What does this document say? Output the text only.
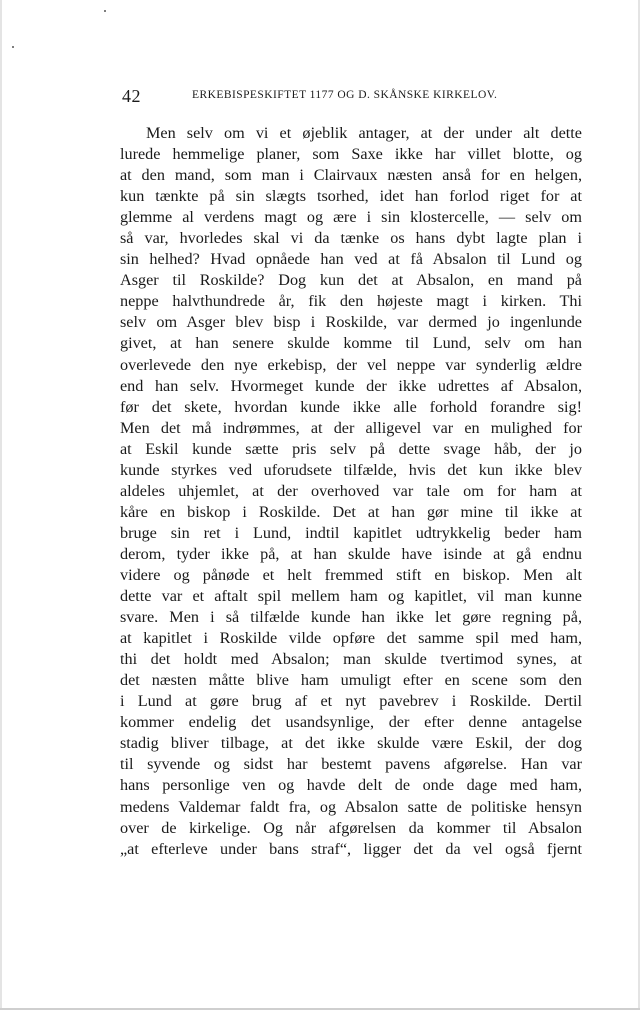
42	ERKEBISPESKIFTET 1177 OG D. SKÅNSKE KIRKELOV.
Men selv om vi et øjeblik antager, at der under alt dette
lurede hemmelige planer, som Saxe ikke har villet blotte, og
at den mand, som man i Clairvaux næsten anså for en helgen,
kun tænkte på sin slægts tsorhed, idet han forlod riget for at
glemme al verdens magt og ære i sin klostercelle, — selv om
så var, hvorledes skal vi da tænke os hans dybt lagte plan i
sin helhed? Hvad opnåede han ved at få Absalon til Lund og
Asger til Roskilde? Dog kun det at Absalon, en mand på
neppe halvthundrede år, fik den højeste magt i kirken. Thi
selv om Asger blev bisp i Roskilde, var dermed jo ingenlunde
givet, at han senere skulde komme til Lund, selv om han
overlevede den nye erkebisp, der vel neppe var synderlig ældre
end han selv. Hvormeget kunde der ikke udrettes af Absalon,
før det skete, hvordan kunde ikke alle forhold forandre sig!
Men det må indrømmes, at der alligevel var en mulighed for
at Eskil kunde sætte pris selv på dette svage håb, der jo
kunde styrkes ved uforudsete tilfælde, hvis det kun ikke blev
aldeles uhjemlet, at der overhoved var tale om for ham at
kåre en biskop i Roskilde. Det at han gør mine til ikke at
bruge sin ret i Lund, indtil kapitlet udtrykkelig beder ham
derom, tyder ikke på, at han skulde have isinde at gå endnu
videre og pånøde et helt fremmed stift en biskop. Men alt
dette var et aftalt spil mellem ham og kapitlet, vil man kunne
svare. Men i så tilfælde kunde han ikke let gøre regning på,
at kapitlet i Roskilde vilde opføre det samme spil med ham,
thi det holdt med Absalon; man skulde tvertimod synes, at
det næsten måtte blive ham umuligt efter en scene som den
i Lund at gøre brug af et nyt pavebrev i Roskilde. Dertil
kommer endelig det usandsynlige, der efter denne antagelse
stadig bliver tilbage, at det ikke skulde være Eskil, der dog
til syvende og sidst har bestemt pavens afgørelse. Han var
hans personlige ven og havde delt de onde dage med ham,
medens Valdemar faldt fra, og Absalon satte de politiske hensyn
over de kirkelige. Og når afgørelsen da kommer til Absalon
„at efterleve under bans straf“, ligger det da vel også fjernt
